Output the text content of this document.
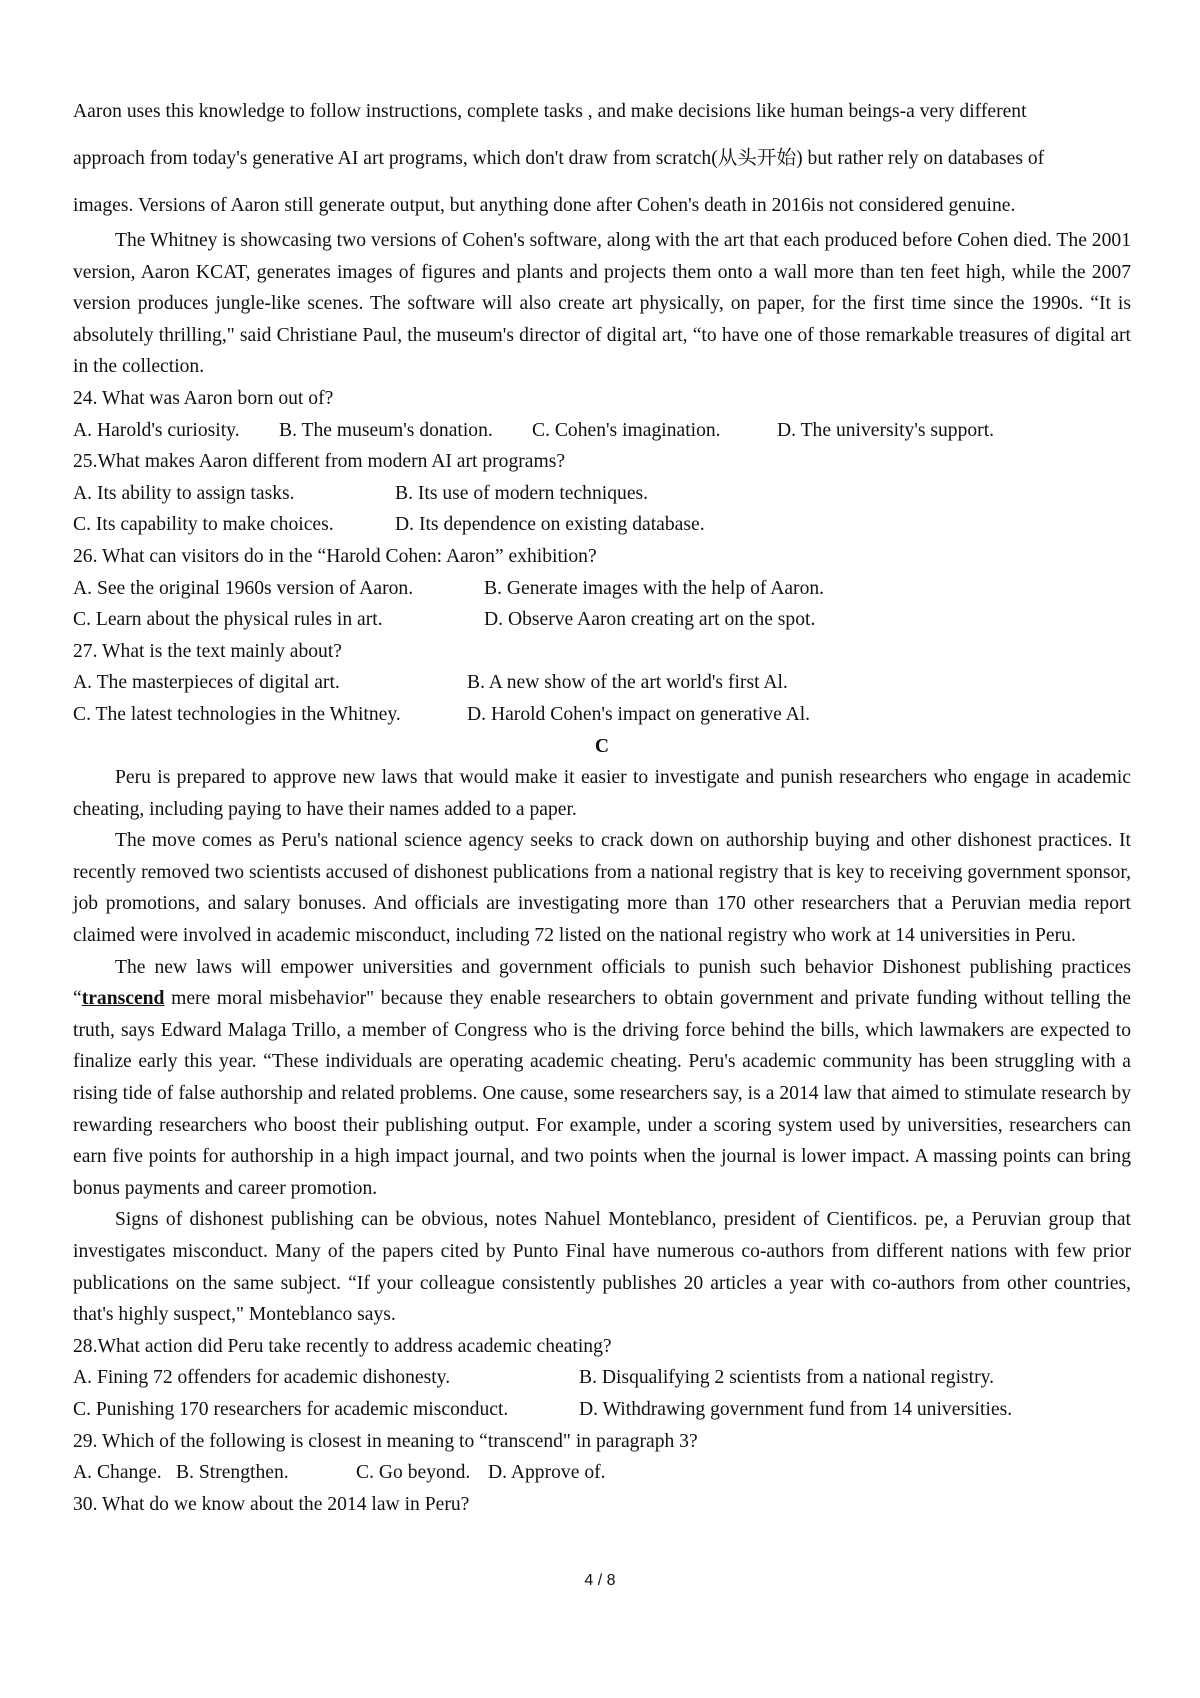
Aaron uses this knowledge to follow instructions, complete tasks , and make decisions like human beings-a very different

approach from today's generative AI art programs, which don't draw from scratch(从头开始) but rather rely on databases of

images. Versions of Aaron still generate output, but anything done after Cohen's death in 2016is not considered genuine.

The Whitney is showcasing two versions of Cohen's software, along with the art that each produced before Cohen died. The 2001 version, Aaron KCAT, generates images of figures and plants and projects them onto a wall more than ten feet high, while the 2007 version produces jungle-like scenes. The software will also create art physically, on paper, for the first time since the 1990s. “It is absolutely thrilling," said Christiane Paul, the museum's director of digital art, “to have one of those remarkable treasures of digital art in the collection.

24. What was Aaron born out of?

A. Harold's curiosity.	B. The museum's donation.	C. Cohen's imagination.	D. The university's support.

25.What makes Aaron different from modern AI art programs?

A. Its ability to assign tasks.	B. Its use of modern techniques.
C. Its capability to make choices.	D. Its dependence on existing database.

26. What can visitors do in the “Harold Cohen: Aaron” exhibition?

A. See the original 1960s version of Aaron.	B. Generate images with the help of Aaron.
C. Learn about the physical rules in art.	D. Observe Aaron creating art on the spot.

27. What is the text mainly about?

A. The masterpieces of digital art.	B. A new show of the art world's first Al.
C. The latest technologies in the Whitney.	D. Harold Cohen's impact on generative Al.

C

Peru is prepared to approve new laws that would make it easier to investigate and punish researchers who engage in academic cheating, including paying to have their names added to a paper.

The move comes as Peru's national science agency seeks to crack down on authorship buying and other dishonest practices. It recently removed two scientists accused of dishonest publications from a national registry that is key to receiving government sponsor, job promotions, and salary bonuses. And officials are investigating more than 170 other researchers that a Peruvian media report claimed were involved in academic misconduct, including 72 listed on the national registry who work at 14 universities in Peru.

The new laws will empower universities and government officials to punish such behavior Dishonest publishing practices “transcend mere moral misbehavior" because they enable researchers to obtain government and private funding without telling the truth, says Edward Malaga Trillo, a member of Congress who is the driving force behind the bills, which lawmakers are expected to finalize early this year. “These individuals are operating academic cheating. Peru's academic community has been struggling with a rising tide of false authorship and related problems. One cause, some researchers say, is a 2014 law that aimed to stimulate research by rewarding researchers who boost their publishing output. For example, under a scoring system used by universities, researchers can earn five points for authorship in a high impact journal, and two points when the journal is lower impact. A massing points can bring bonus payments and career promotion.

Signs of dishonest publishing can be obvious, notes Nahuel Monteblanco, president of Cientificos. pe, a Peruvian group that investigates misconduct. Many of the papers cited by Punto Final have numerous co-authors from different nations with few prior publications on the same subject. “If your colleague consistently publishes 20 articles a year with co-authors from other countries, that's highly suspect," Monteblanco says.

28.What action did Peru take recently to address academic cheating?

A. Fining 72 offenders for academic dishonesty.	B. Disqualifying 2 scientists from a national registry.
C. Punishing 170 researchers for academic misconduct.	D. Withdrawing government fund from 14 universities.

29. Which of the following is closest in meaning to “transcend" in paragraph 3?

A. Change. B. Strengthen.	C. Go beyond. D. Approve of.

30. What do we know about the 2014 law in Peru?

4 / 8
